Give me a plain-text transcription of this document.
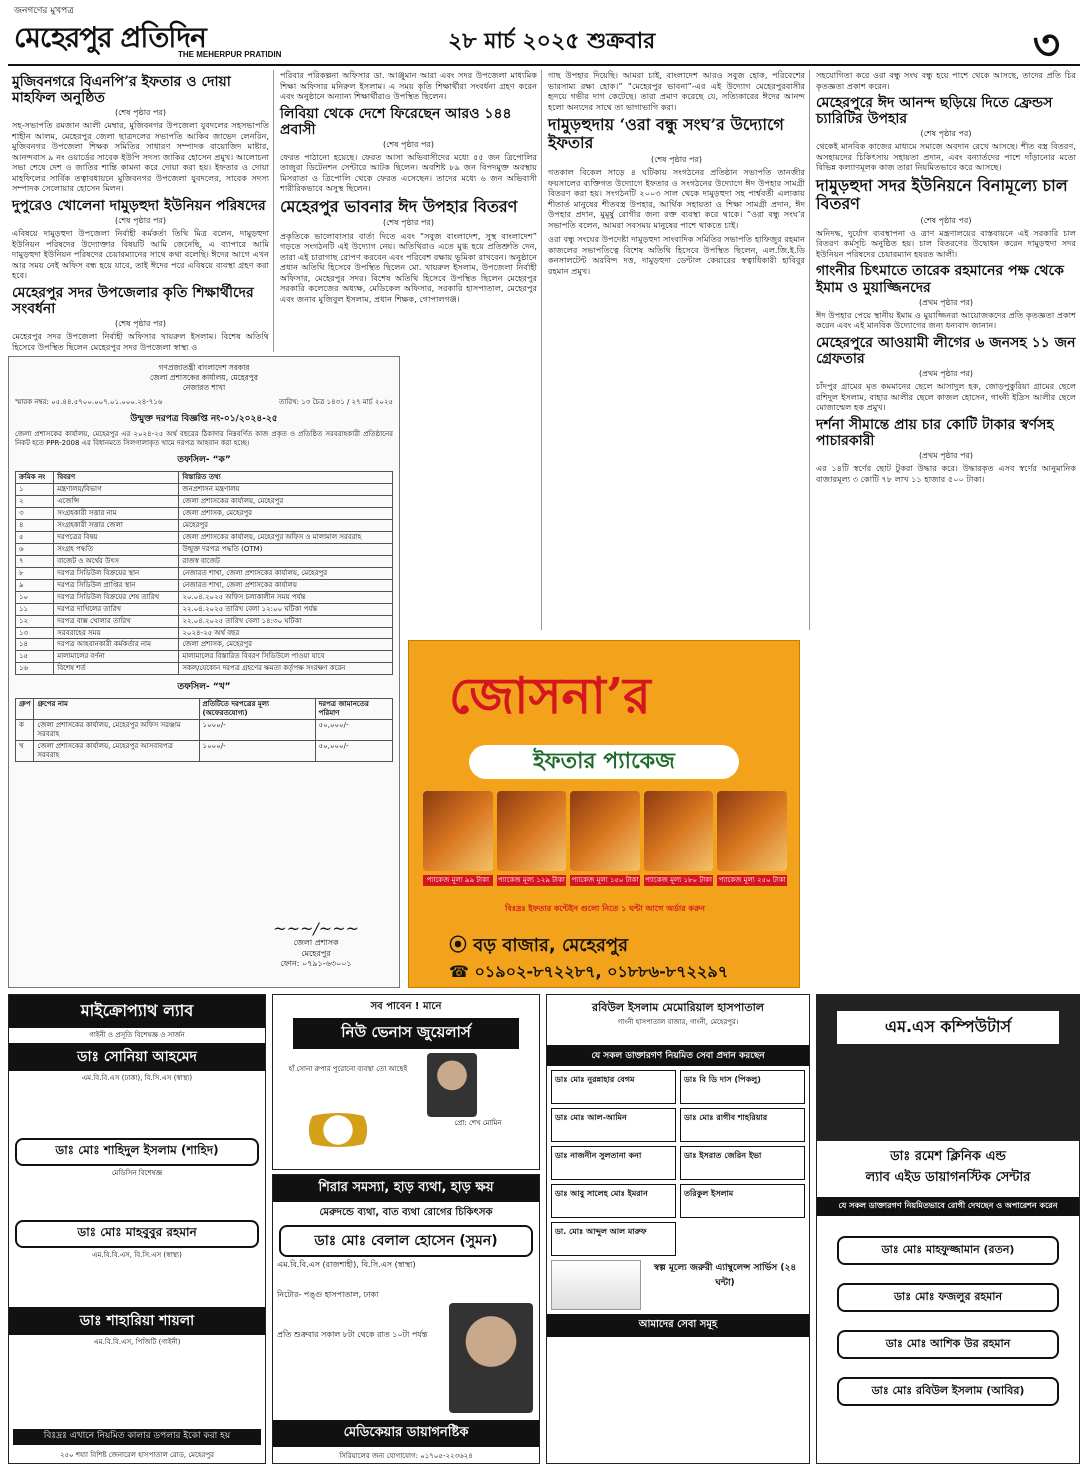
জনগণের মুখপত্র
মেহেরপুর প্রতিদিন
THE MEHERPUR PRATIDIN
২৮ মার্চ ২০২৫ শুক্রবার	৩
মুজিবনগরে বিএনপি’র ইফতার ও দোয়া মাহফিল অনুষ্ঠিত
(শেষ পৃষ্ঠার পর)
সহ-সভাপতি রমজান আলী মেম্বার, মুজিবনগর উপজেলা যুবদলের সহসভাপতি শাহীন আলম, মেহেরপুর জেলা ছাত্রদলের সভাপতি আকিব জাভেদ লেনরিন, মুজিবনগর উপজেলা শিক্ষক সমিতির সাধারণ সম্পাদক বায়োজিদ মাষ্টার, আনন্দবাস ৯ নং ওয়ার্ডের সাবেক ইউপি সদস্য জাকির হোসেন প্রমুখ। আলোচনা সভা শেষে দেশ ও জাতির শান্তি কামনা করে দোয়া করা হয়। ইফতার ও দোয়া মাহফিলের সার্বিক তত্বাবধায়নে মুজিবনগর উপজেলা যুবদলের, সাবেক সদস্য সম্পাদক সেলোয়ার হোসেন মিলন।
দুপুরেও খোলেনা দামুড়হুদা ইউনিয়ন পরিষদের
(শেষ পৃষ্ঠার পর)
এবিষয়ে দামুড়হুদা উপজেলা নির্বাহী কর্মকর্তা তিথি মিত্র বলেন, দামুড়হুদা ইউনিয়ন পরিষদের উদ্যোক্তার বিষয়টি আমি জেনেছি, এ ব্যাপারে আমি দামুড়হুদা ইউনিয়ন পরিষদের চেয়ারম্যানের সাথে কথা বলেছি। ঈদের আগে এখন আর সময় নেই অফিস বন্ধ হয়ে যাবে, তাই ঈদের পরে এবিষয়ে ব্যবস্থা গ্রহণ করা হবে।
মেহেরপুর সদর উপজেলার কৃতি শিক্ষার্থীদের সংবর্ধনা
(শেষ পৃষ্ঠার পর)
মেহেরপুর সদর উপজেলা নির্বাহী অফিসার খায়রুল ইসলাম। বিশেষ অতিথি হিসেবে উপস্থিত ছিলেন মেহেরপুর সদর উপজেলা স্বাস্থ্য ও
পরিবার পরিকল্পনা অফিসার ডা. আঞ্জুমান আরা এবং সদর উপজেলা মাধ্যমিক শিক্ষা অফিসার মনিরুল ইসলাম। এ সময় কৃতি শিক্ষার্থীরা সংবর্ধনা গ্রহণ করেন এবং অনুষ্ঠানে অন্যান্য শিক্ষার্থীরাও উপস্থিত ছিলেন।
লিবিয়া থেকে দেশে ফিরেছেন আরও ১৪৪ প্রবাসী
(শেষ পৃষ্ঠার পর)
ফেরত পাঠানো হয়েছে। ফেরত আসা অভিবাসীদের মধ্যে ৫৫ জন ত্রিপোলির তাজুরা ডিটেনশন সেন্টারে আটক ছিলেন। অবশিষ্ট ৮৯ জন বিপদমুক্ত অবস্থায় মিসরাতা ও ত্রিপোলি থেকে ফেরত এসেছেন। তাদের মধ্যে ৬ জন অভিবাসী শারীরিকভাবে অসুস্থ ছিলেন।
মেহেরপুর ভাবনার ঈদ উপহার বিতরণ
(শেষ পৃষ্ঠার পর)
প্রকৃতিকে ভালোবাসার বার্তা দিতে এবং “সবুজ বাংলাদেশ, সুস্থ বাংলাদেশ” গড়তে সংগঠনটি এই উদ্যোগ নেয়। অতিথিরাও এতে মুগ্ধ হয়ে প্রতিশ্রুতি দেন, তারা এই চারাগাছ রোপণ করবেন এবং পরিবেশ রক্ষায় ভূমিকা রাখবেন। অনুষ্ঠানে প্রধান অতিথি হিসেবে উপস্থিত ছিলেন মো. খায়রুল ইসলাম, উপজেলা নির্বাহী অফিসার, মেহেরপুর সদর। বিশেষ অতিথি হিসেবে উপস্থিত ছিলেন মেহেরপুর সরকারি কলেজের অধ্যক্ষ, মেডিকেল অফিসার, সরকারি হাসপাতাল, মেহেরপুর এবং জনাব মুজিবুল ইসলাম, প্রধান শিক্ষক, গোপালগঞ্জ।
গাছ উপহার দিয়েছি। আমরা চাই, বাংলাদেশ আরও সবুজ হোক, পরিবেশের ভারসাম্য রক্ষা হোক।” “মেহেরপুর ভাবনা”-এর এই উদ্যোগ মেহেরপুরবাসীর হৃদয়ে গভীর দাগ কেটেছে। তারা প্রমাণ করেছে যে, সত্যিকারের ঈদের আনন্দ হলো অন্যদের সাথে তা ভাগাভাগি করা।
দামুড়হুদায় ‘ওরা বন্ধু সংঘ’র উদ্যোগে ইফতার
(শেষ পৃষ্ঠার পর)
গতকাল বিকেল সাড়ে ৪ ঘটিকায় সংগঠনের প্রতিষ্ঠান সভাপতি তানজীর ফয়সালের ব্যক্তিগত উদ্যোগে ইফতার ও সংগঠনের উদ্যোগে ঈদ উপহার সামগ্রী বিতরণ করা হয়। সংগঠনটি ২০০৩ সাল থেকে দামুড়হুদা সহ পার্শ্ববর্তী এলাকায় শীতার্ত মানুষের শীতবস্ত্র উপহার, আর্থিক সহায়তা ও শিক্ষা সামগ্রী প্রদান, ঈদ উপহার প্রদান, মুমূর্ষু রোগীর জন্য রক্ত ব্যবস্থা করে থাকে। “ওরা বন্ধু সংঘ’র সভাপতি বলেন, আমরা সবসময় মানুষের পাশে থাকতে চাই।
ওরা বন্ধু সংঘের উপদেষ্টা দামুড়হুদা সাংবাদিক সমিতির সভাপতি হাফিজুর রহমান কাজলের সভাপতিত্বে বিশেষ অতিথি হিসেবে উপস্থিত ছিলেন, এল.জি.ই.ডি কনসালটেন্ট অরবিন্দ দত্ত, দামুড়হুদা ডেন্টাল কেয়ারের স্বত্বাধিকারী হাবিবুর রহমান প্রমুখ।
সহযোগিতা করে ওরা বন্ধু সংঘ বন্ধু হয়ে পাশে থেকে আসছে, তাদের প্রতি চির কৃতজ্ঞতা প্রকাশ করেন।
মেহেরপুরে ঈদ আনন্দ ছড়িয়ে দিতে ফ্রেন্ডস চ্যারিটির উপহার
(শেষ পৃষ্ঠার পর)
থেকেই মানবিক কাজের মাধ্যমে সমাজে অবদান রেখে আসছে। শীত বস্ত্র বিতরণ, অসহায়দের চিকিৎসায় সহায়তা প্রদান, এবং বন্যার্তদের পাশে দাঁড়ানোর মতো বিভিন্ন কল্যাণমূলক কাজ তারা নিয়মিতভাবে করে আসছে।
দামুড়হুদা সদর ইউনিয়নে বিনামূল্যে চাল বিতরণ
(শেষ পৃষ্ঠার পর)
অনিদদ্ধ, দুর্যোগ ব্যবস্থাপনা ও ত্রাণ মন্ত্রণালয়ের বাস্তবায়নে এই সরকারি চাল বিতরণ কর্মসূচি অনুষ্ঠিত হয়। চাল বিতরণের উদ্বোধন করেন দামুড়হুদা সদর ইউনিয়ন পরিষদের চেয়ারম্যান হযরত আলী।
গাংনীর চিৎমাতে তারেক রহমানের পক্ষ থেকে ইমাম ও মুয়াজ্জিনদের
(প্রথম পৃষ্ঠার পর)
ঈদ উপহার পেয়ে স্থানীয় ইমাম ও মুয়াজ্জিনরা আয়োজকদের প্রতি কৃতজ্ঞতা প্রকাশ করেন এবং এই মানবিক উদ্যোগের জন্য ধন্যবাদ জানান।
মেহেরপুরে আওয়ামী লীগের ৬ জনসহ ১১ জন গ্রেফতার
(প্রথম পৃষ্ঠার পর)
চাঁদপুর গ্রামের মৃত কমমানের ছেলে আসাদুল হক, জোড়পুকুরিয়া গ্রামের ছেলে রশিদুল ইসলাম, বাহার আলীর ছেলে কাজল হোসেন, গাংনী ইদ্রিস আলীর ছেলে মোজাম্মেল হক প্রমুখ।
দর্শনা সীমান্তে প্রায় চার কোটি টাকার স্বর্ণসহ পাচারকারী
(প্রথম পৃষ্ঠার পর)
এর ১৪টি স্বর্ণের ছোট টুকরা উদ্ধার করে। উদ্ধারকৃত এসব স্বর্ণের আনুমানিক বাজারমূল্য ৩ কোটি ৭৮ লাখ ১১ হাজার ৫০০ টাকা।
গণপ্রজাতন্ত্রী বাংলাদেশ সরকার
জেলা প্রশাসকের কার্যালয়, মেহেরপুর
নেজারত শাখা
স্মারক নম্বর: ০৫.৪৪.৫৭০০.০০৭.০১.০০০.২৪-৭১৬	তারিখ: ১৩ চৈত্র ১৪৩১ / ২৭ মার্চ ২০২৫
উন্মুক্ত দরপত্র বিজ্ঞপ্তি নং-০১/২০২৪-২৫
জেলা প্রশাসকের কার্যালয়, মেহেরপুর এর ২০২৪-২৫ অর্থ বছরের ঠিকাদার নিম্নবর্ণিত কাজ প্রকৃত ও প্রতিষ্ঠিত সরবরাহকারী প্রতিষ্ঠানের নিকট হতে PPR-2008 এর বিধানমতে সিলগালাকৃত খামে দরপত্র আহবান করা হচ্ছে।
তফসিল- “ক”
ক্রমিক নং	বিবরণ	বিস্তারিত তথ্য
১	মন্ত্রণালয়/বিভাগ	জনপ্রশাসন মন্ত্রণালয়
২	এজেন্সি	জেলা প্রশাসকের কার্যালয়, মেহেরপুর
৩	সংগ্রহকারী সত্তার নাম	জেলা প্রশাসক, মেহেরপুর
৪	সংগ্রহকারী সত্তার জেলা	মেহেরপুর
৫	দরপত্রের বিষয়	জেলা প্রশাসকের কার্যালয়, মেহেরপুর অফিস ও মালামাল সরবরাহ
৬	সংগ্রহ পদ্ধতি	উন্মুক্ত দরপত্র পদ্ধতি (OTM)
৭	বাজেট ও অর্থের উৎস	রাজস্ব বাজেট
৮	দরপত্র সিডিউল বিক্রয়ের স্থান	নেজারত শাখা, জেলা প্রশাসকের কার্যালয়, মেহেরপুর
৯	দরপত্র সিডিউল প্রাপ্তির স্থান	নেজারত শাখা, জেলা প্রশাসকের কার্যালয়
১০	দরপত্র সিডিউল বিক্রয়ের শেষ তারিখ	২০.০৪.২০২৫ অফিস চলাকালীন সময় পর্যন্ত
১১	দরপত্র দাখিলের তারিখ	২২.০৪.২০২৫ তারিখ বেলা ১২:০০ ঘটিকা পর্যন্ত
১২	দরপত্র বাক্স খোলার তারিখ	২২.০৪.২০২৫ তারিখ বেলা ১৪:৩০ ঘটিকা
১৩	সরবরাহের সময়	২০২৪-২৫ অর্থ বছর
১৪	দরপত্র আহবানকারী কর্মকর্তার নাম	জেলা প্রশাসক, মেহেরপুর
১৫	মালামালের বর্ণনা	মালামালের বিস্তারিত বিবরণ সিডিউলে পাওয়া যাবে
১৬	বিশেষ শর্ত	সকল/যেকোন দরপত্র গ্রহণের ক্ষমতা কর্তৃপক্ষ সংরক্ষণ করেন
তফসিল- “খ”
গ্রুপ	গ্রুপের নাম	প্রতিটিতে দরপত্রের মূল্য (অফেরতযোগ্য)	দরপত্র জামানতের পরিমাণ
ক	জেলা প্রশাসকের কার্যালয়, মেহেরপুর অফিস সরঞ্জাম সরবরাহ	১০০০/-	৫০,০০০/-
খ	জেলা প্রশাসকের কার্যালয়, মেহেরপুর আসবাবপত্র সরবরাহ	১০০০/-	৫০,০০০/-
~~~/~~~
জেলা প্রশাসক
মেহেরপুর
ফোন: ০৭৯১-৬৩০০১
জোসনা’র
ইফতার প্যাকেজ
প্যাকেজ মূল্য ৯৯ টাকা	প্যাকেজ মূল্য ১২৯ টাকা প্যাকেজ মূল্য ১৫০ টাকা প্যাকেজ মূল্য ১৮০ টাকা প্যাকেজ মূল্য ২৫০ টাকা
বিঃদ্রঃ ইফতার কন্টেইন গুলো নিতে ১ ঘন্টা আগে অর্ডার করুন
⦿ বড় বাজার, মেহেরপুর
☎ ০১৯০২-৮৭২২৮৭, ০১৮৮৬-৮৭২২৯৭
মাইক্রোপ্যাথ ল্যাব
গাইনী ও প্রসূতি বিশেষজ্ঞ ও সার্জন
ডাঃ সোনিয়া আহমেদ
এম.বি.বি.এস (ঢাকা), বি.সি.এস (স্বাস্থ্য)
ডাঃ মোঃ শাহিদুল ইসলাম (শাহিদ)
মেডিসিন বিশেষজ্ঞ
ডাঃ মোঃ মাহবুবুর রহমান
এম.বি.বি.এস, বি.সি.এস (স্বাস্থ্য)
ডাঃ শাহারিয়া শায়লা
এম.বি.বি.এস, পিজিটি (গাইনী)
বিঃদ্রঃ এখানে নিয়মিত কালার ডপলার ইকো করা হয়
২৫০ শয্যা বিশিষ্ট জেনারেল হাসপাতাল রোড, মেহেরপুর
সব পাবেন ! মানে
নিউ ভেনাস জুয়েলার্স
হাঁ সোনা রুপার পুরোনো ব্যবস্থা তো আছেই
প্রো: শেখ মোমিন
শিরার সমস্যা, হাড় ব্যথা, হাড় ক্ষয়
মেরুদন্ডে ব্যথা, বাত ব্যথা রোগের চিকিৎসক
ডাঃ মোঃ বেলাল হোসেন (সুমন)
এম.বি.বি.এস (রাজশাহী), বি.সি.এস (স্বাস্থ্য)
নিটোর- পঙ্গু হাসপাতাল, ঢাকা
প্রতি শুক্রবার সকাল ৮টা থেকে রাত ১০টা পর্যন্ত
মেডিকেয়ার ডায়াগনষ্টিক
সিরিয়ালের জন্য যোগাযোগ: ০১৭০৫-২২৩৬২৪
রবিউল ইসলাম মেমোরিয়াল হাসপাতাল
গাংনী হাসপাতাল বাজার, গাংনী, মেহেরপুর।
যে সকল ডাক্তারগণ নিয়মিত সেবা প্রদান করছেন
ডাঃ মোঃ নুরন্নাহার বেগম	ডাঃ বি ডি দাস (পিকলু)
ডাঃ মোঃ আল-আমিন	ডাঃ মোঃ রাগীব শাহরিয়ার
ডাঃ নাজনীন সুলতানা কনা	ডাঃ ইসরাত জেরিন ইভা
ডাঃ আবু সালেহ মোঃ ইমরান	তরিকুল ইসলাম
ডা. মোঃ আব্দুল আল মারুফ
স্বল্প মূল্যে জরুরী এ্যাম্বুলেন্স সার্ভিস (২৪ ঘন্টা)
আমাদের সেবা সমূহ
এম.এস কম্পিউটার্স
ডাঃ রমেশ ক্লিনিক এন্ড
ল্যাব এইড ডায়াগনস্টিক সেন্টার
যে সকল ডাক্তারগণ নিয়মিতভাবে রোগী দেখছেন ও অপারেশন করেন
ডাঃ মোঃ মাহফুজ্জামান (রতন)
ডাঃ মোঃ ফজলুর রহমান
ডাঃ মোঃ আশিক উর রহমান
ডাঃ মোঃ রবিউল ইসলাম (আবির)
